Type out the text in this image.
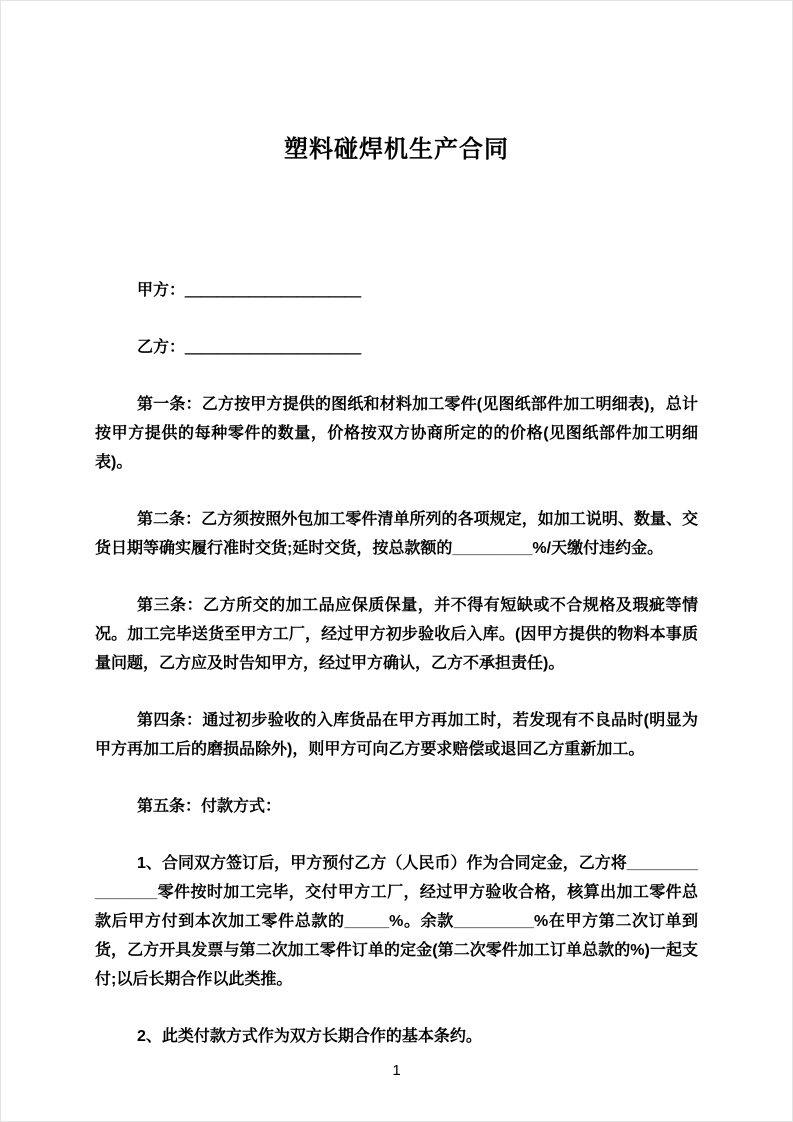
塑料碰焊机生产合同

甲方：＿＿＿＿＿＿＿＿＿＿＿

乙方：＿＿＿＿＿＿＿＿＿＿＿

第一条：乙方按甲方提供的图纸和材料加工零件(见图纸部件加工明细表)，总计按甲方提供的每种零件的数量，价格按双方协商所定的的价格(见图纸部件加工明细表)。

第二条：乙方须按照外包加工零件清单所列的各项规定，如加工说明、数量、交货日期等确实履行准时交货;延时交货，按总款额的_________%/天缴付违约金。

第三条：乙方所交的加工品应保质保量，并不得有短缺或不合规格及瑕疵等情况。加工完毕送货至甲方工厂，经过甲方初步验收后入库。(因甲方提供的物料本事质量问题，乙方应及时告知甲方，经过甲方确认，乙方不承担责任)。

第四条：通过初步验收的入库货品在甲方再加工时，若发现有不良品时(明显为甲方再加工后的磨损品除外)，则甲方可向乙方要求赔偿或退回乙方重新加工。

第五条：付款方式：

1、合同双方签订后，甲方预付乙方（人民币）作为合同定金，乙方将_______________零件按时加工完毕，交付甲方工厂，经过甲方验收合格，核算出加工零件总款后甲方付到本次加工零件总款的_____%。余款_________%在甲方第二次订单到货，乙方开具发票与第二次加工零件订单的定金(第二次零件加工订单总款的%)一起支付;以后长期合作以此类推。

2、此类付款方式作为双方长期合作的基本条约。

1
